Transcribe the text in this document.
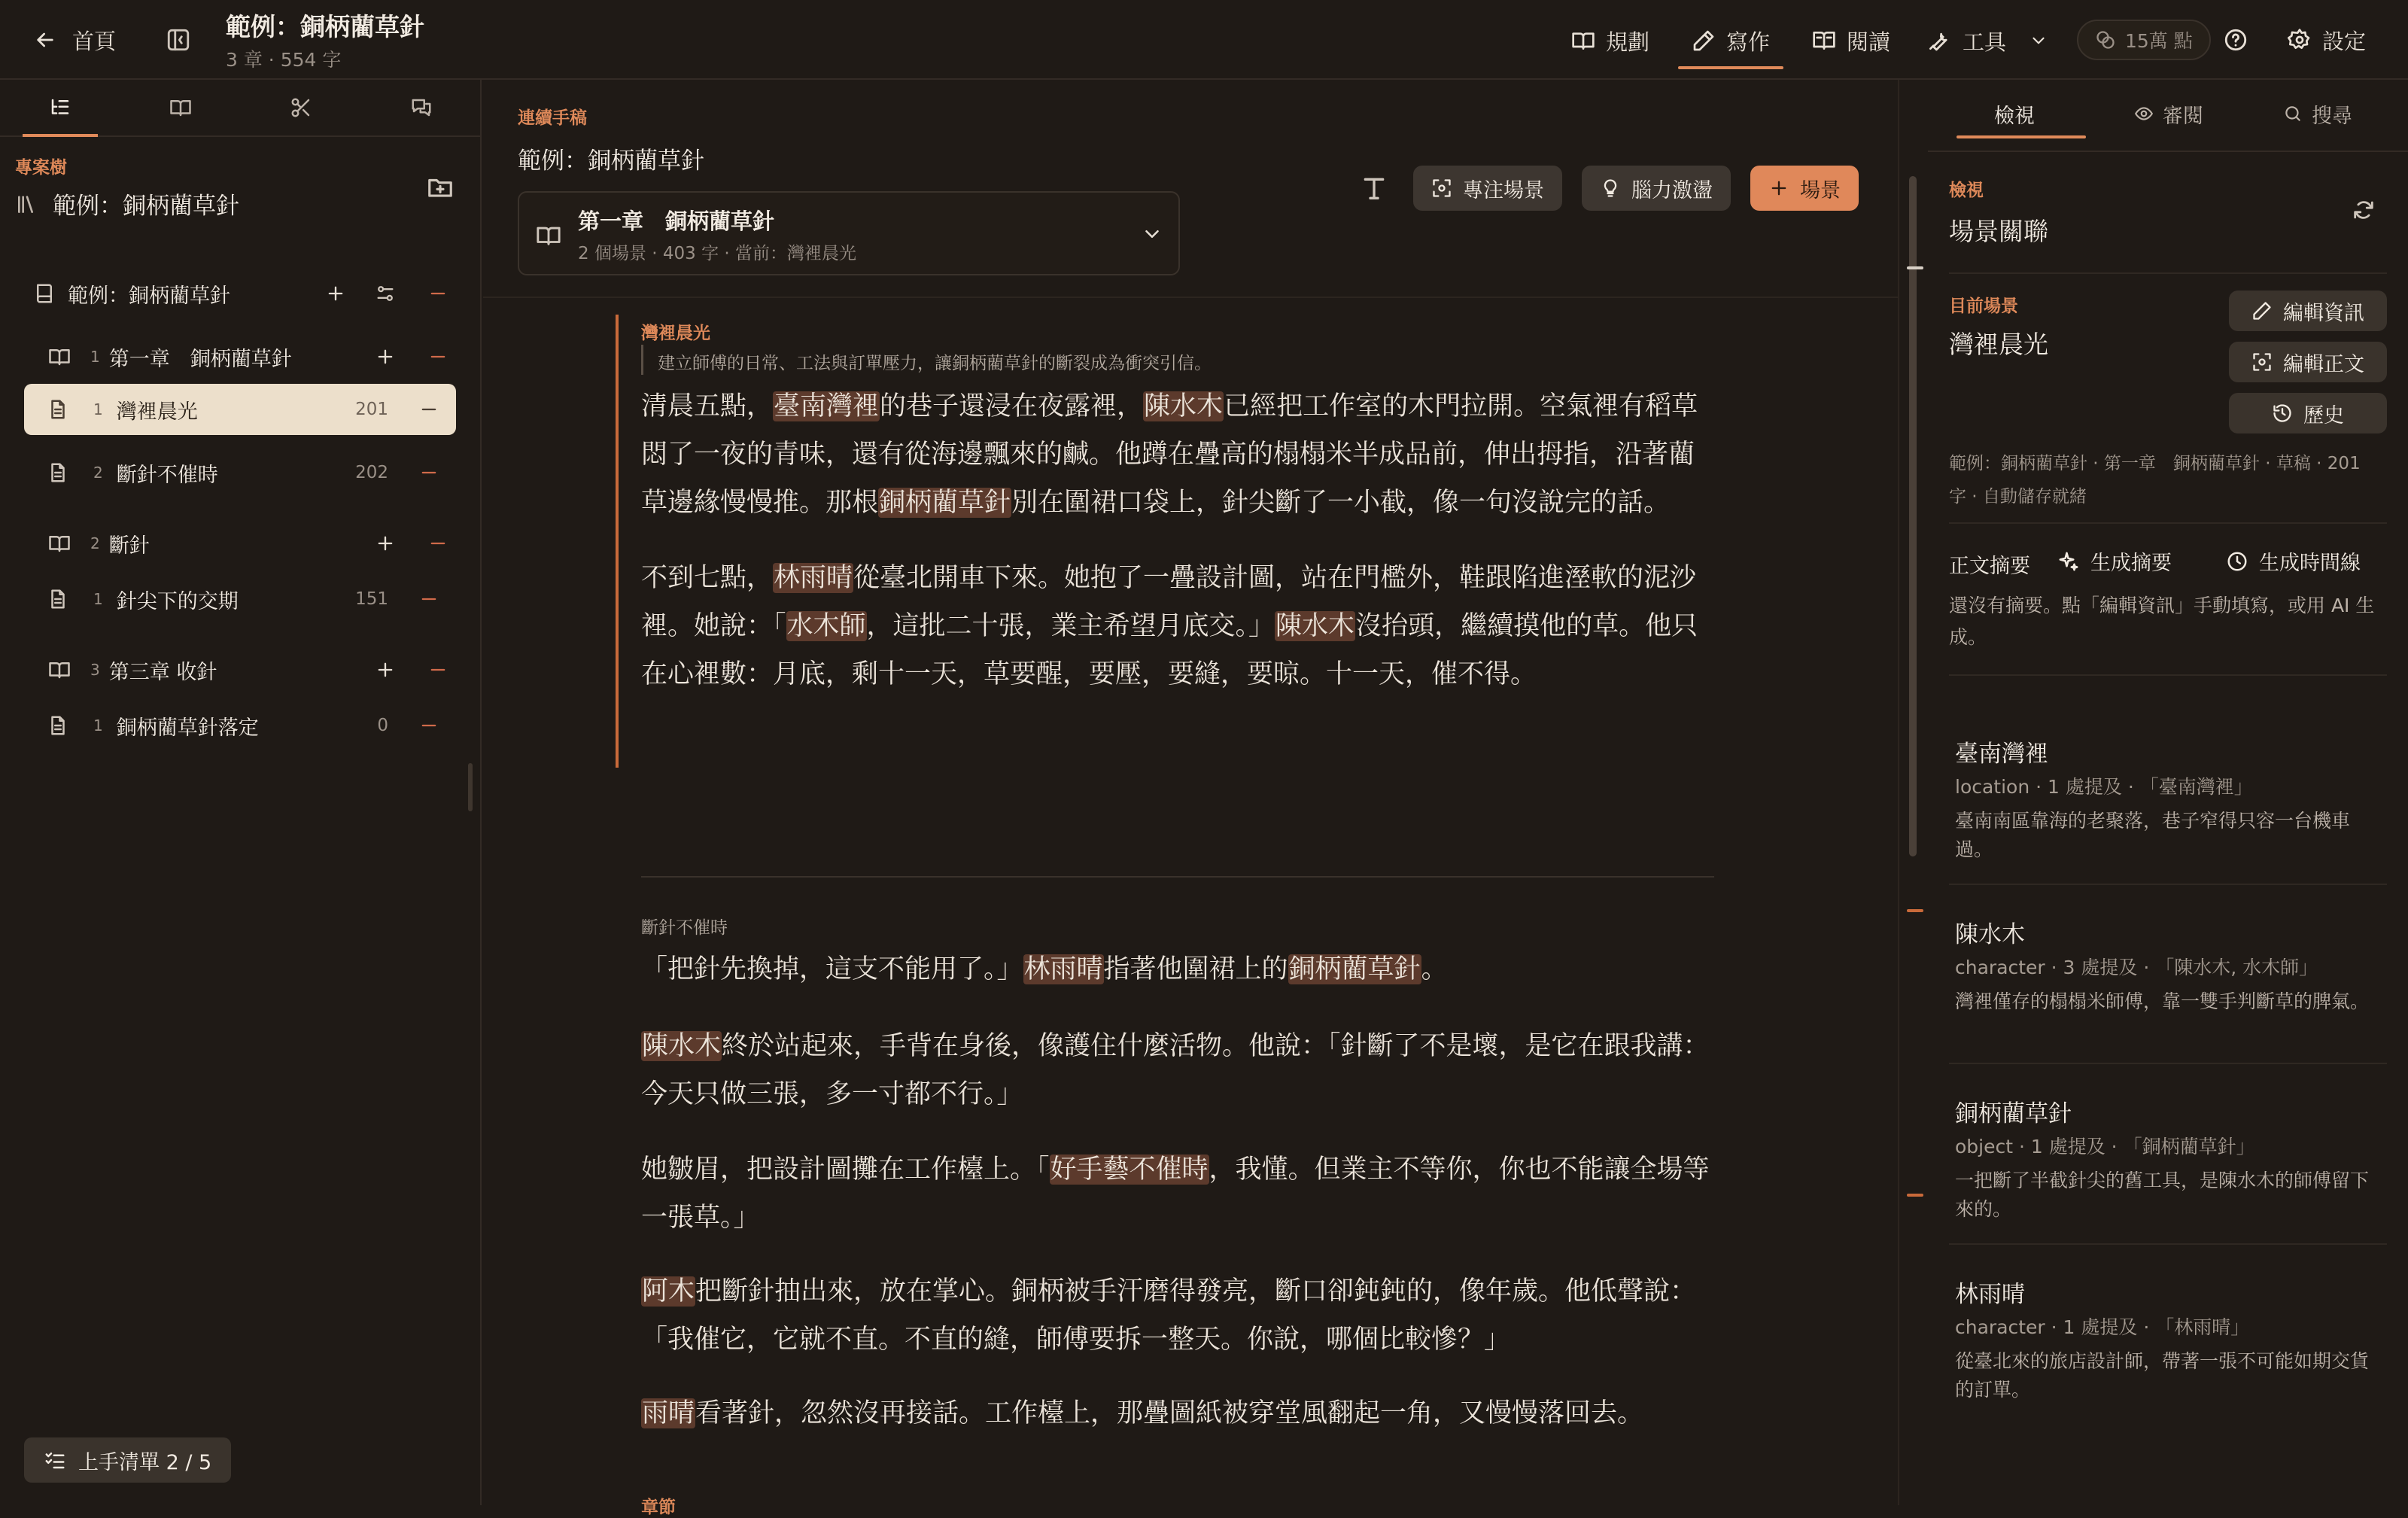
首頁	範例：銅柄藺草針
3 章 · 554 字
規劃	寫作	閱讀	工具	15萬 點	設定
專案樹
範例：銅柄藺草針
範例：銅柄藺草針
1 第一章　銅柄藺草針
1 灣裡晨光	201
2 斷針不催時	202
2 斷針
1 針尖下的交期	151
3 第三章 收針
1 銅柄藺草針落定	0
上手清單 2 / 5
連續手稿
範例：銅柄藺草針
第一章　銅柄藺草針
2 個場景 · 403 字 · 當前：灣裡晨光
專注場景	腦力激盪	場景
灣裡晨光
建立師傅的日常、工法與訂單壓力，讓銅柄藺草針的斷裂成為衝突引信。
清晨五點，臺南灣裡的巷子還浸在夜露裡，陳水木已經把工作室的木門拉開。空氣裡有稻草悶了一夜的青味，還有從海邊飄來的鹹。他蹲在疊高的榻榻米半成品前，伸出拇指，沿著藺草邊緣慢慢推。那根銅柄藺草針別在圍裙口袋上，針尖斷了一小截，像一句沒說完的話。
不到七點，林雨晴從臺北開車下來。她抱了一疊設計圖，站在門檻外，鞋跟陷進溼軟的泥沙裡。她說：「水木師，這批二十張，業主希望月底交。」陳水木沒抬頭，繼續摸他的草。他只在心裡數：月底，剩十一天，草要醒，要壓，要縫，要晾。十一天，催不得。
斷針不催時
「把針先換掉，這支不能用了。」林雨晴指著他圍裙上的銅柄藺草針。
陳水木終於站起來，手背在身後，像護住什麼活物。他說：「針斷了不是壞，是它在跟我講：今天只做三張，多一寸都不行。」
她皺眉，把設計圖攤在工作檯上。「好手藝不催時，我懂。但業主不等你，你也不能讓全場等一張草。」
阿木把斷針抽出來，放在掌心。銅柄被手汗磨得發亮，斷口卻鈍鈍的，像年歲。他低聲說：「我催它，它就不直。不直的縫，師傅要拆一整天。你說，哪個比較慘？」
雨晴看著針，忽然沒再接話。工作檯上，那疊圖紙被穿堂風翻起一角，又慢慢落回去。
章節
檢視	審閱	搜尋
檢視
場景關聯
目前場景
灣裡晨光
編輯資訊
編輯正文
歷史
範例：銅柄藺草針 · 第一章　銅柄藺草針 · 草稿 · 201 字 · 自動儲存就緒
正文摘要	生成摘要	生成時間線
還沒有摘要。點「編輯資訊」手動填寫，或用 AI 生成。
臺南灣裡
location · 1 處提及 · 「臺南灣裡」
臺南南區靠海的老聚落，巷子窄得只容一台機車過。
陳水木
character · 3 處提及 · 「陳水木, 水木師」
灣裡僅存的榻榻米師傅，靠一雙手判斷草的脾氣。
銅柄藺草針
object · 1 處提及 · 「銅柄藺草針」
一把斷了半截針尖的舊工具，是陳水木的師傅留下來的。
林雨晴
character · 1 處提及 · 「林雨晴」
從臺北來的旅店設計師，帶著一張不可能如期交貨的訂單。
